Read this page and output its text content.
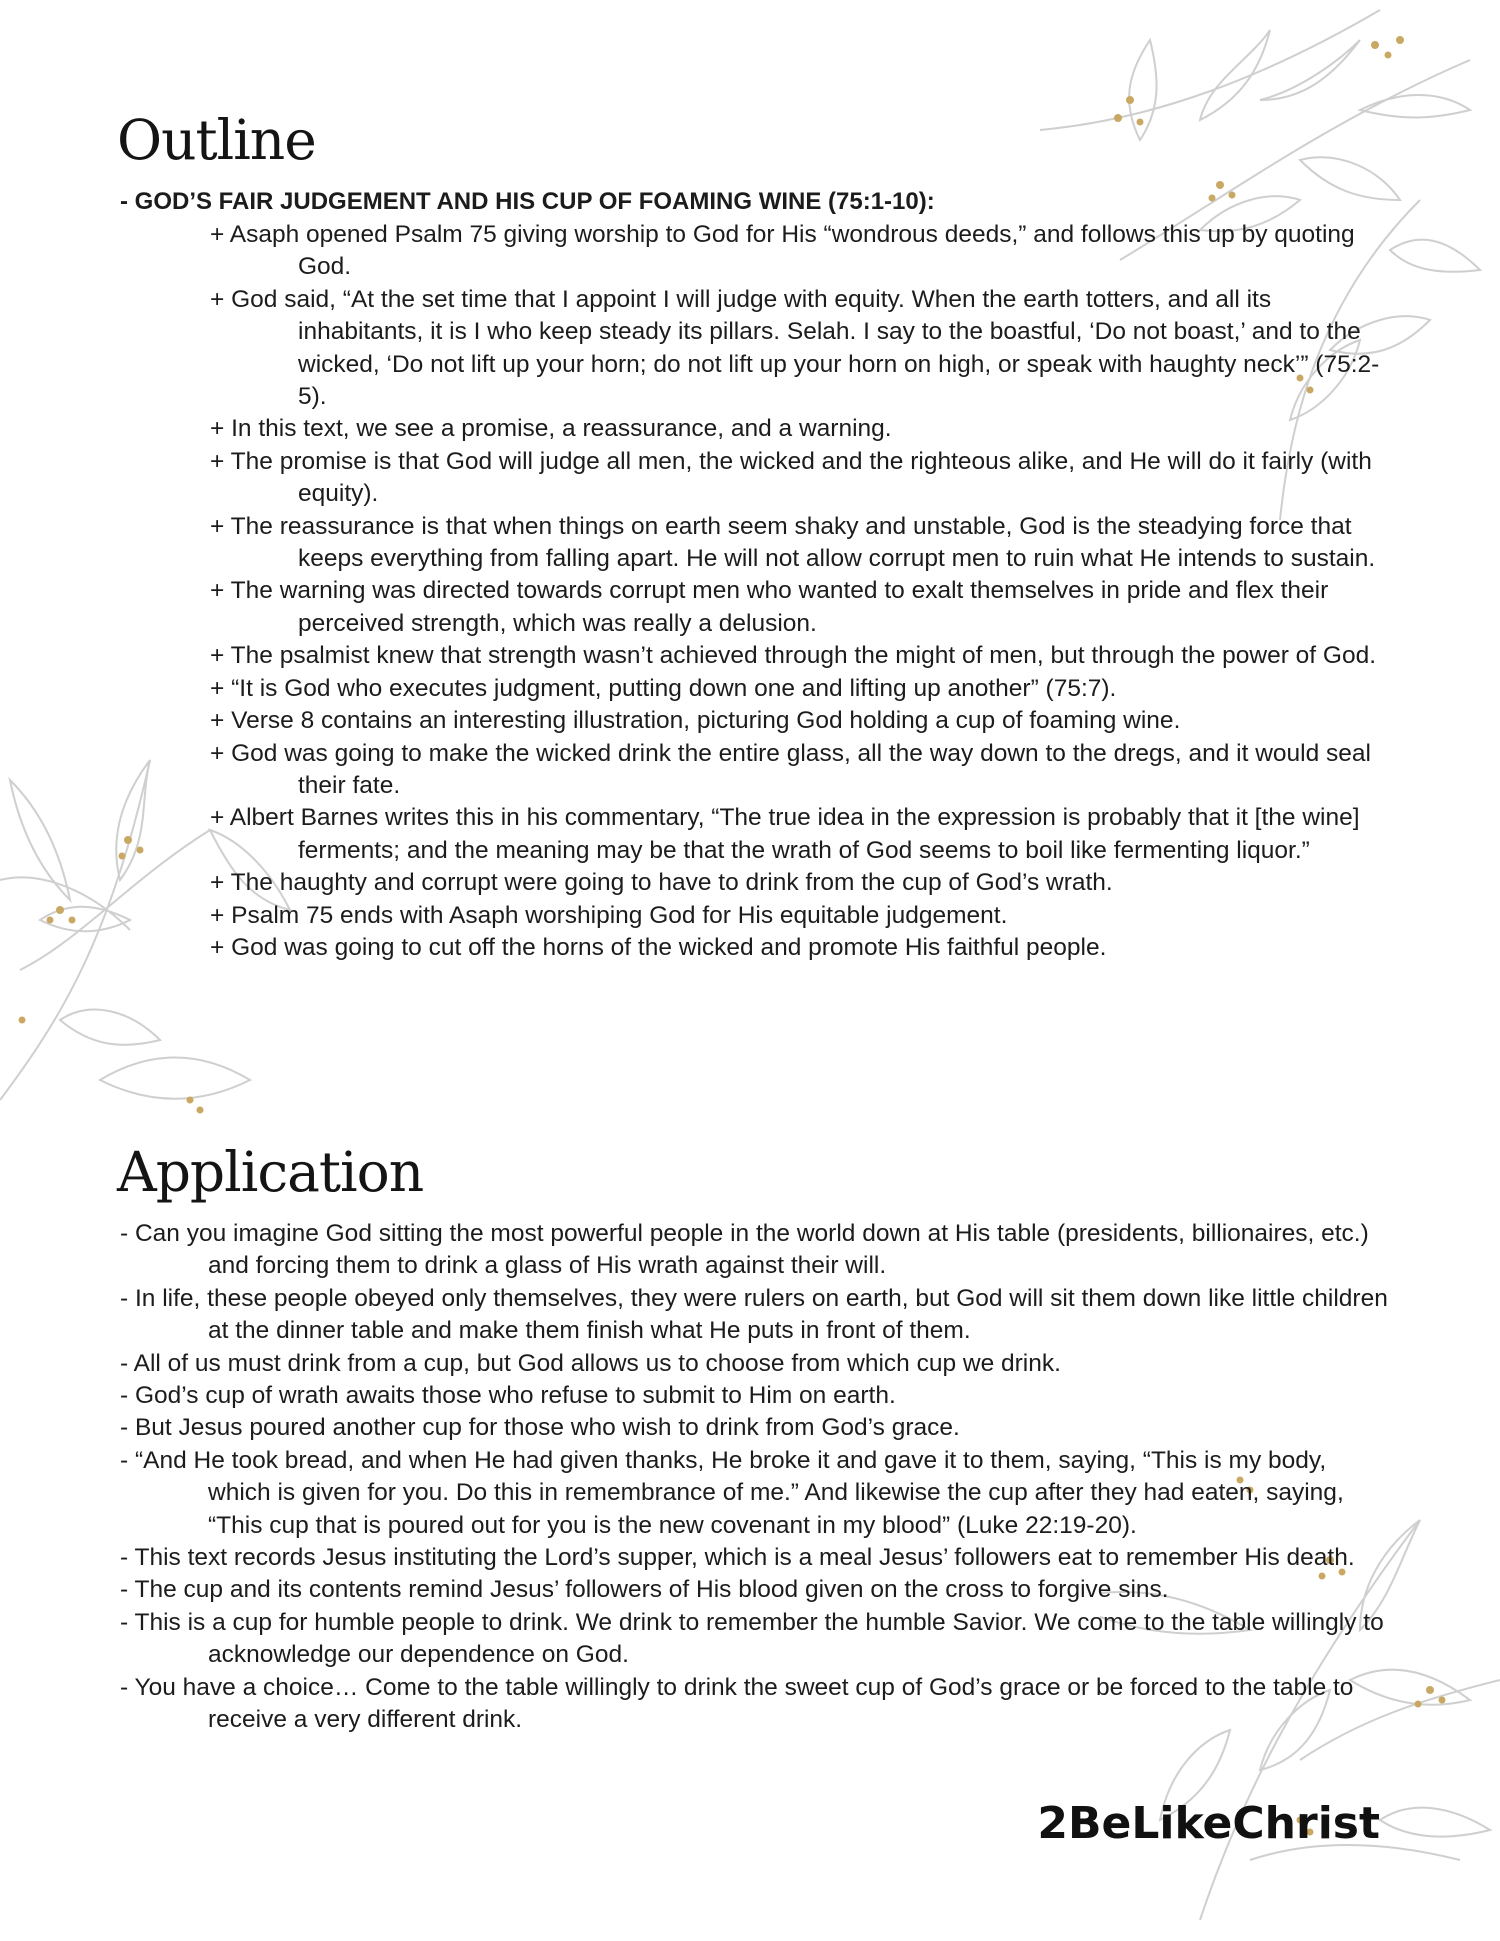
Outline

- GOD’S FAIR JUDGEMENT AND HIS CUP OF FOAMING WINE (75:1-10):

+ Asaph opened Psalm 75 giving worship to God for His “wondrous deeds,” and follows this up by quoting God.
+ God said, “At the set time that I appoint I will judge with equity. When the earth totters, and all its inhabitants, it is I who keep steady its pillars. Selah. I say to the boastful, ‘Do not boast,’ and to the wicked, ‘Do not lift up your horn; do not lift up your horn on high, or speak with haughty neck’” (75:2-5).
+ In this text, we see a promise, a reassurance, and a warning.
+ The promise is that God will judge all men, the wicked and the righteous alike, and He will do it fairly (with equity).
+ The reassurance is that when things on earth seem shaky and unstable, God is the steadying force that keeps everything from falling apart. He will not allow corrupt men to ruin what He intends to sustain.
+ The warning was directed towards corrupt men who wanted to exalt themselves in pride and flex their perceived strength, which was really a delusion.
+ The psalmist knew that strength wasn’t achieved through the might of men, but through the power of God.
+ “It is God who executes judgment, putting down one and lifting up another” (75:7).
+ Verse 8 contains an interesting illustration, picturing God holding a cup of foaming wine.
+ God was going to make the wicked drink the entire glass, all the way down to the dregs, and it would seal their fate.
+ Albert Barnes writes this in his commentary, “The true idea in the expression is probably that it [the wine] ferments; and the meaning may be that the wrath of God seems to boil like fermenting liquor.”
+ The haughty and corrupt were going to have to drink from the cup of God’s wrath.
+ Psalm 75 ends with Asaph worshiping God for His equitable judgement.
+ God was going to cut off the horns of the wicked and promote His faithful people.
Application
- Can you imagine God sitting the most powerful people in the world down at His table (presidents, billionaires, etc.) and forcing them to drink a glass of His wrath against their will.
- In life, these people obeyed only themselves, they were rulers on earth, but God will sit them down like little children at the dinner table and make them finish what He puts in front of them.
- All of us must drink from a cup, but God allows us to choose from which cup we drink.
- God’s cup of wrath awaits those who refuse to submit to Him on earth.
- But Jesus poured another cup for those who wish to drink from God’s grace.
- “And He took bread, and when He had given thanks, He broke it and gave it to them, saying, “This is my body, which is given for you. Do this in remembrance of me.” And likewise the cup after they had eaten, saying, “This cup that is poured out for you is the new covenant in my blood” (Luke 22:19-20).
- This text records Jesus instituting the Lord’s supper, which is a meal Jesus’ followers eat to remember His death.
- The cup and its contents remind Jesus’ followers of His blood given on the cross to forgive sins.
- This is a cup for humble people to drink. We drink to remember the humble Savior. We come to the table willingly to acknowledge our dependence on God.
- You have a choice… Come to the table willingly to drink the sweet cup of God’s grace or be forced to the table to receive a very different drink.
2BeLikeChrist
